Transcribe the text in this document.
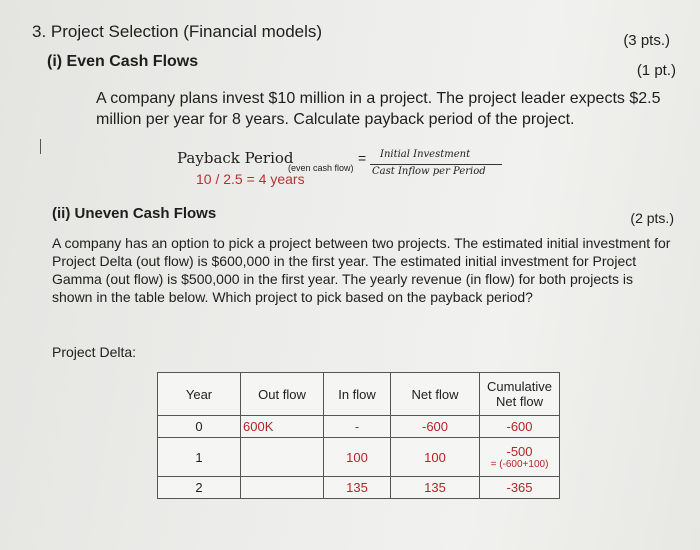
3. Project Selection (Financial models)	(3 pts.)
(i) Even Cash Flows
(1 pt.)
A company plans invest $10 million in a project. The project leader expects $2.5 million per year for 8 years. Calculate payback period of the project.
Payback Period
(even cash flow)
= Initial Investment
Cast Inflow per Period
10 / 2.5 = 4 years
(ii) Uneven Cash Flows	(2 pts.)
A company has an option to pick a project between two projects. The estimated initial investment for Project Delta (out flow) is $600,000 in the first year. The estimated initial investment for Project Gamma (out flow) is $500,000 in the first year. The yearly revenue (in flow) for both projects is shown in the table below. Which project to pick based on the payback period?
Project Delta:
Year	Out flow	In flow	Net flow	Cumulative
Net flow

0	600K	-	-600	-600
1		100	100	-500
= (-600+100)

2		135	135	-365
